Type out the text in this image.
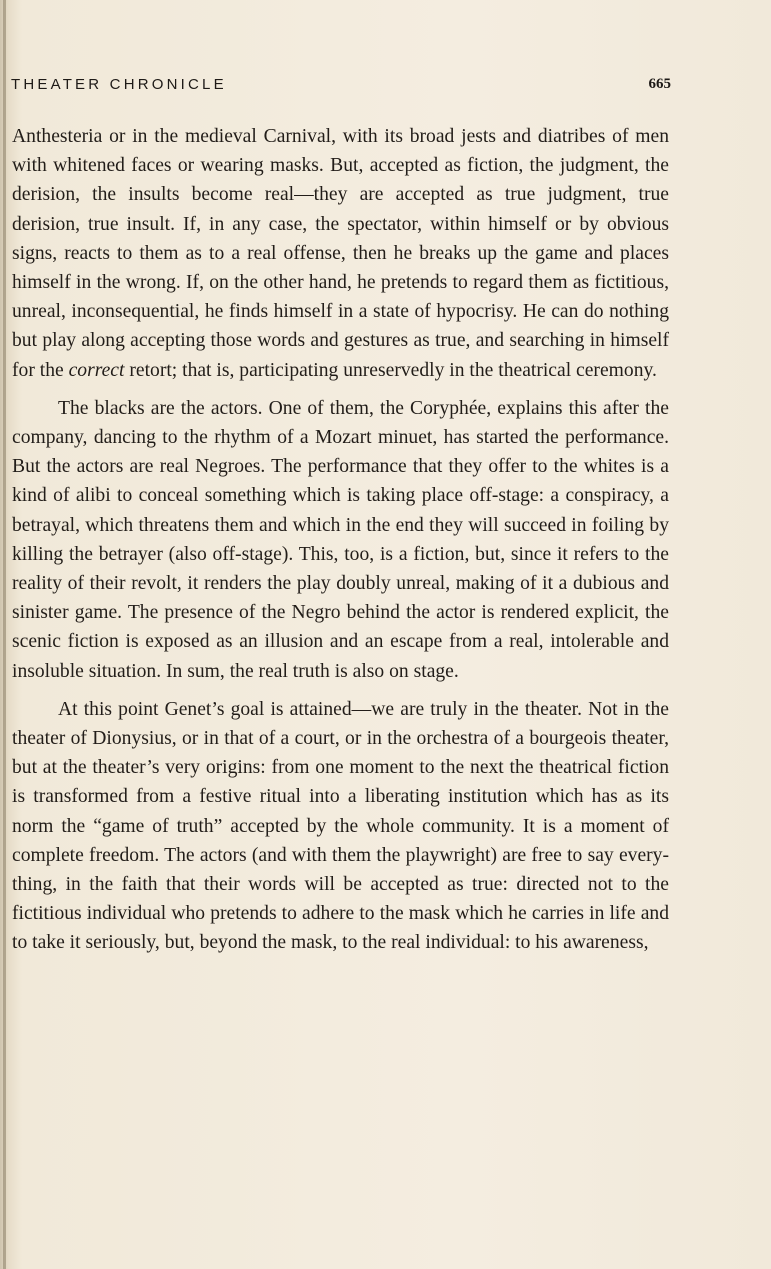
THEATER CHRONICLE	665

Anthesteria or in the medieval Carnival, with its broad jests and diatribes of men with whitened faces or wearing masks. But, accepted as fiction, the judgment, the derision, the insults become real—they are accepted as true judgment, true derision, true insult. If, in any case, the spectator, within himself or by obvious signs, reacts to them as to a real offense, then he breaks up the game and places himself in the wrong. If, on the other hand, he pretends to regard them as fictitious, unreal, inconsequential, he finds himself in a state of hypocrisy. He can do nothing but play along accepting those words and gestures as true, and searching in himself for the correct retort; that is, participating unreservedly in the theatrical ceremony.

The blacks are the actors. One of them, the Coryphée, explains this after the company, dancing to the rhythm of a Mozart minuet, has started the performance. But the actors are real Negroes. The performance that they offer to the whites is a kind of alibi to conceal something which is taking place off-stage: a conspiracy, a betrayal, which threatens them and which in the end they will succeed in foiling by killing the betrayer (also off-stage). This, too, is a fiction, but, since it refers to the reality of their revolt, it renders the play doubly unreal, making of it a dubious and sinister game. The presence of the Negro behind the actor is rendered explicit, the scenic fiction is exposed as an illusion and an escape from a real, intolerable and insoluble situation. In sum, the real truth is also on stage.

At this point Genet’s goal is attained—we are truly in the theater. Not in the theater of Dionysius, or in that of a court, or in the orchestra of a bourgeois theater, but at the theater’s very origins: from one moment to the next the theatrical fiction is transformed from a festive ritual into a liberating institution which has as its norm the “game of truth” accepted by the whole community. It is a moment of complete freedom. The actors (and with them the playwright) are free to say every-thing, in the faith that their words will be accepted as true: directed not to the fictitious individual who pretends to adhere to the mask which he carries in life and to take it seriously, but, beyond the mask, to the real individual: to his awareness,
